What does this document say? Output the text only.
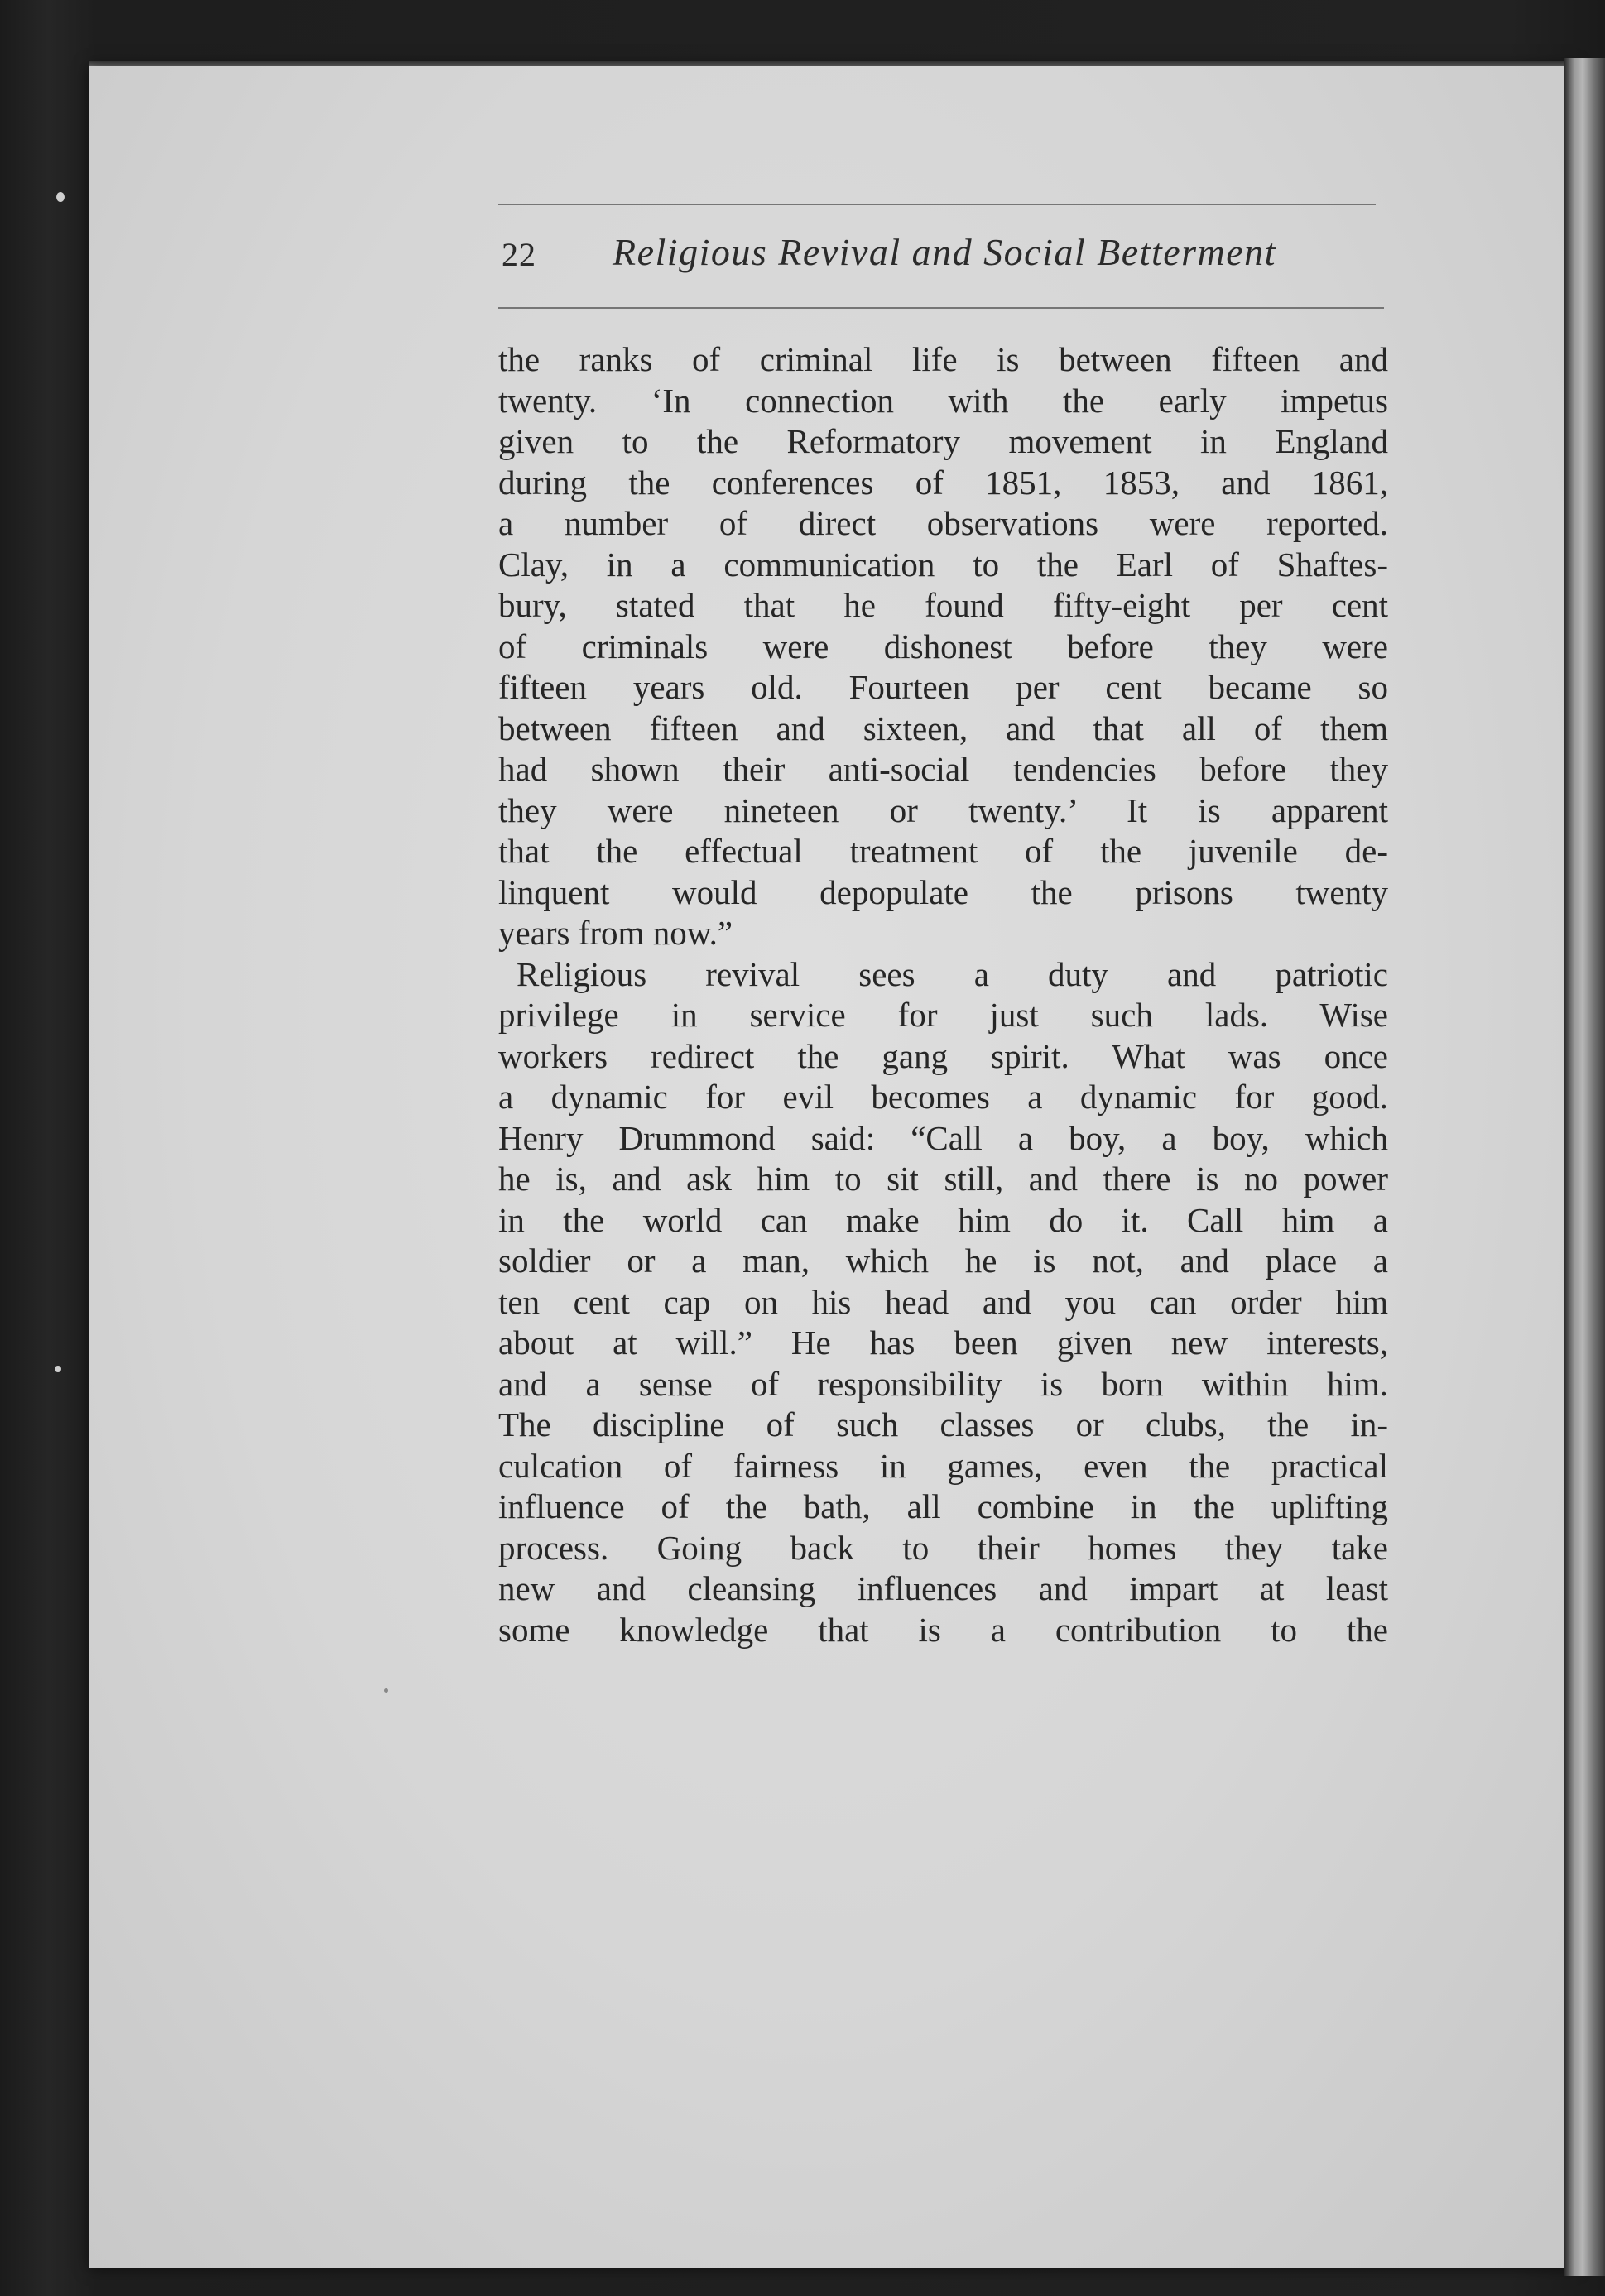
22 Religious Revival and Social Betterment
the ranks of criminal life is between fifteen and
twenty. ‘In connection with the early impetus
given to the Reformatory movement in England
during the conferences of 1851, 1853, and 1861,
a number of direct observations were reported.
Clay, in a communication to the Earl of Shaftes-
bury, stated that he found fifty-eight per cent
of criminals were dishonest before they were
fifteen years old. Fourteen per cent became so
between fifteen and sixteen, and that all of them
had shown their anti-social tendencies before they
they were nineteen or twenty.’ It is apparent
that the effectual treatment of the juvenile de-
linquent would depopulate the prisons twenty
years from now.”
Religious revival sees a duty and patriotic
privilege in service for just such lads. Wise
workers redirect the gang spirit. What was once
a dynamic for evil becomes a dynamic for good.
Henry Drummond said: “Call a boy, a boy, which
he is, and ask him to sit still, and there is no power
in the world can make him do it. Call him a
soldier or a man, which he is not, and place a
ten cent cap on his head and you can order him
about at will.” He has been given new interests,
and a sense of responsibility is born within him.
The discipline of such classes or clubs, the in-
culcation of fairness in games, even the practical
influence of the bath, all combine in the uplifting
process. Going back to their homes they take
new and cleansing influences and impart at least
some knowledge that is a contribution to the
